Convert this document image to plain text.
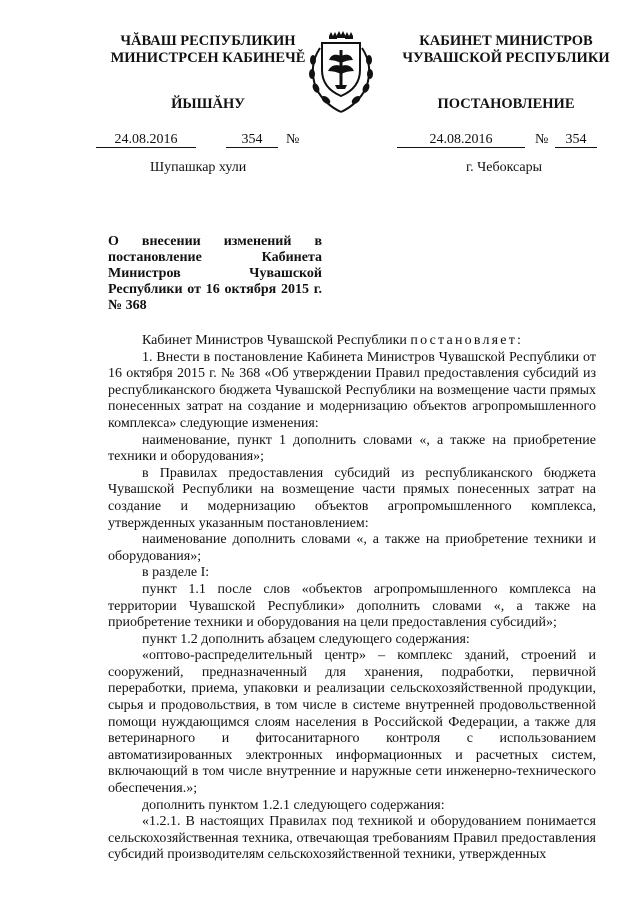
ЧĂВАШ РЕСПУБЛИКИН
МИНИСТРСЕН КАБИНЕЧĚ
КАБИНЕТ МИНИСТРОВ
ЧУВАШСКОЙ РЕСПУБЛИКИ
ЙЫШĂНУ	ПОСТАНОВЛЕНИЕ
24.08.2016	354	№	24.08.2016	№	354
Шупашкар хули	г. Чебоксары
О внесении изменений в постановление Кабинета Министров Чувашской Республики от 16 октября 2015 г. № 368

Кабинет Министров Чувашской Республики постановляет:

1. Внести в постановление Кабинета Министров Чувашской Республики от 16 октября 2015 г. № 368 «Об утверждении Правил предоставления субсидий из республиканского бюджета Чувашской Республики на возмещение части прямых понесенных затрат на создание и модернизацию объектов агропромышленного комплекса» следующие изменения:

наименование, пункт 1 дополнить словами «, а также на приобретение техники и оборудования»;

в Правилах предоставления субсидий из республиканского бюджета Чувашской Республики на возмещение части прямых понесенных затрат на создание и модернизацию объектов агропромышленного комплекса, утвержденных указанным постановлением:

наименование дополнить словами «, а также на приобретение техники и оборудования»;

в разделе I:

пункт 1.1 после слов «объектов агропромышленного комплекса на территории Чувашской Республики» дополнить словами «, а также на приобретение техники и оборудования на цели предоставления субсидий»;

пункт 1.2 дополнить абзацем следующего содержания:

«оптово-распределительный центр» – комплекс зданий, строений и сооружений, предназначенный для хранения, подработки, первичной переработки, приема, упаковки и реализации сельскохозяйственной продукции, сырья и продовольствия, в том числе в системе внутренней продовольственной помощи нуждающимся слоям населения в Российской Федерации, а также для ветеринарного и фитосанитарного контроля с использованием автоматизированных электронных информационных и расчетных систем, включающий в том числе внутренние и наружные сети инженерно-технического обеспечения.»;

дополнить пунктом 1.2.1 следующего содержания:

«1.2.1. В настоящих Правилах под техникой и оборудованием понимается сельскохозяйственная техника, отвечающая требованиям Правил предоставления субсидий производителям сельскохозяйственной техники, утвержденных
